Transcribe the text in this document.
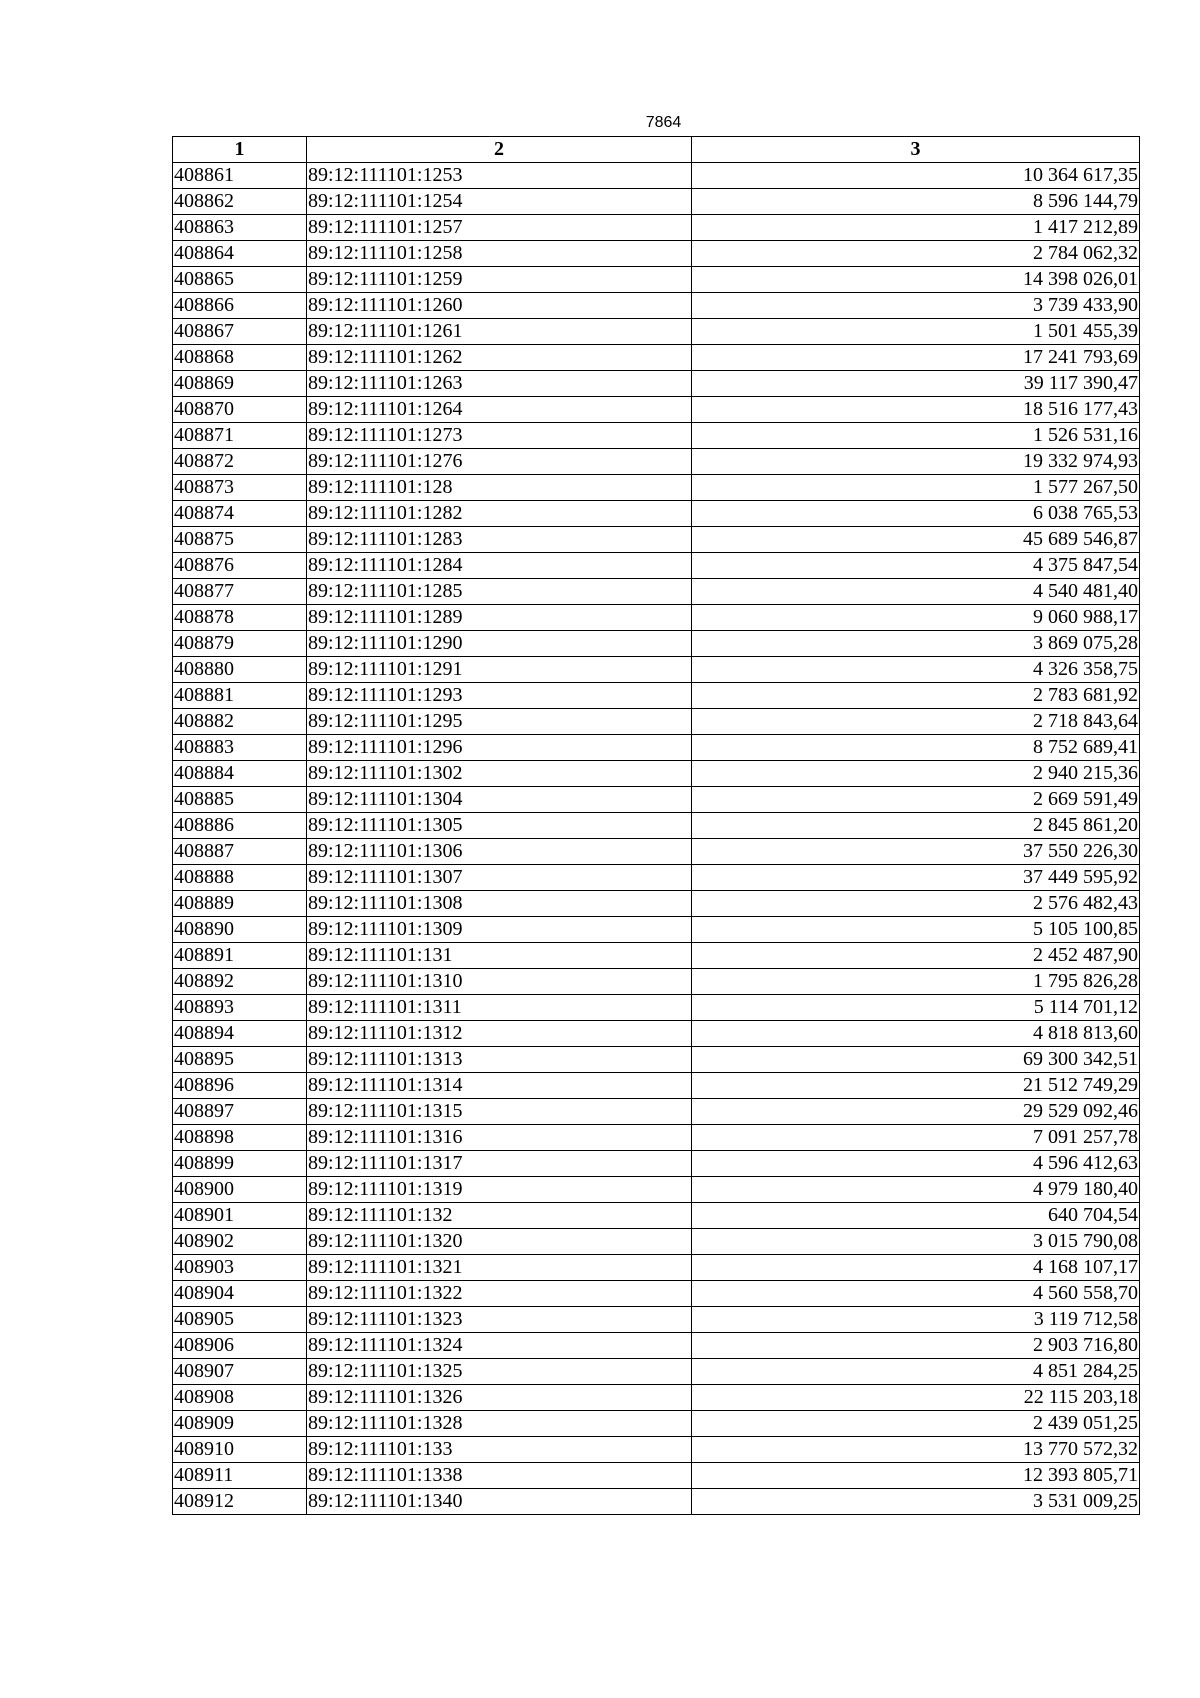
7864
1	2	3
408861	89:12:111101:1253	10 364 617,35
408862	89:12:111101:1254	8 596 144,79
408863	89:12:111101:1257	1 417 212,89
408864	89:12:111101:1258	2 784 062,32
408865	89:12:111101:1259	14 398 026,01
408866	89:12:111101:1260	3 739 433,90
408867	89:12:111101:1261	1 501 455,39
408868	89:12:111101:1262	17 241 793,69
408869	89:12:111101:1263	39 117 390,47
408870	89:12:111101:1264	18 516 177,43
408871	89:12:111101:1273	1 526 531,16
408872	89:12:111101:1276	19 332 974,93
408873	89:12:111101:128	1 577 267,50
408874	89:12:111101:1282	6 038 765,53
408875	89:12:111101:1283	45 689 546,87
408876	89:12:111101:1284	4 375 847,54
408877	89:12:111101:1285	4 540 481,40
408878	89:12:111101:1289	9 060 988,17
408879	89:12:111101:1290	3 869 075,28
408880	89:12:111101:1291	4 326 358,75
408881	89:12:111101:1293	2 783 681,92
408882	89:12:111101:1295	2 718 843,64
408883	89:12:111101:1296	8 752 689,41
408884	89:12:111101:1302	2 940 215,36
408885	89:12:111101:1304	2 669 591,49
408886	89:12:111101:1305	2 845 861,20
408887	89:12:111101:1306	37 550 226,30
408888	89:12:111101:1307	37 449 595,92
408889	89:12:111101:1308	2 576 482,43
408890	89:12:111101:1309	5 105 100,85
408891	89:12:111101:131	2 452 487,90
408892	89:12:111101:1310	1 795 826,28
408893	89:12:111101:1311	5 114 701,12
408894	89:12:111101:1312	4 818 813,60
408895	89:12:111101:1313	69 300 342,51
408896	89:12:111101:1314	21 512 749,29
408897	89:12:111101:1315	29 529 092,46
408898	89:12:111101:1316	7 091 257,78
408899	89:12:111101:1317	4 596 412,63
408900	89:12:111101:1319	4 979 180,40
408901	89:12:111101:132	640 704,54
408902	89:12:111101:1320	3 015 790,08
408903	89:12:111101:1321	4 168 107,17
408904	89:12:111101:1322	4 560 558,70
408905	89:12:111101:1323	3 119 712,58
408906	89:12:111101:1324	2 903 716,80
408907	89:12:111101:1325	4 851 284,25
408908	89:12:111101:1326	22 115 203,18
408909	89:12:111101:1328	2 439 051,25
408910	89:12:111101:133	13 770 572,32
408911	89:12:111101:1338	12 393 805,71
408912	89:12:111101:1340	3 531 009,25
